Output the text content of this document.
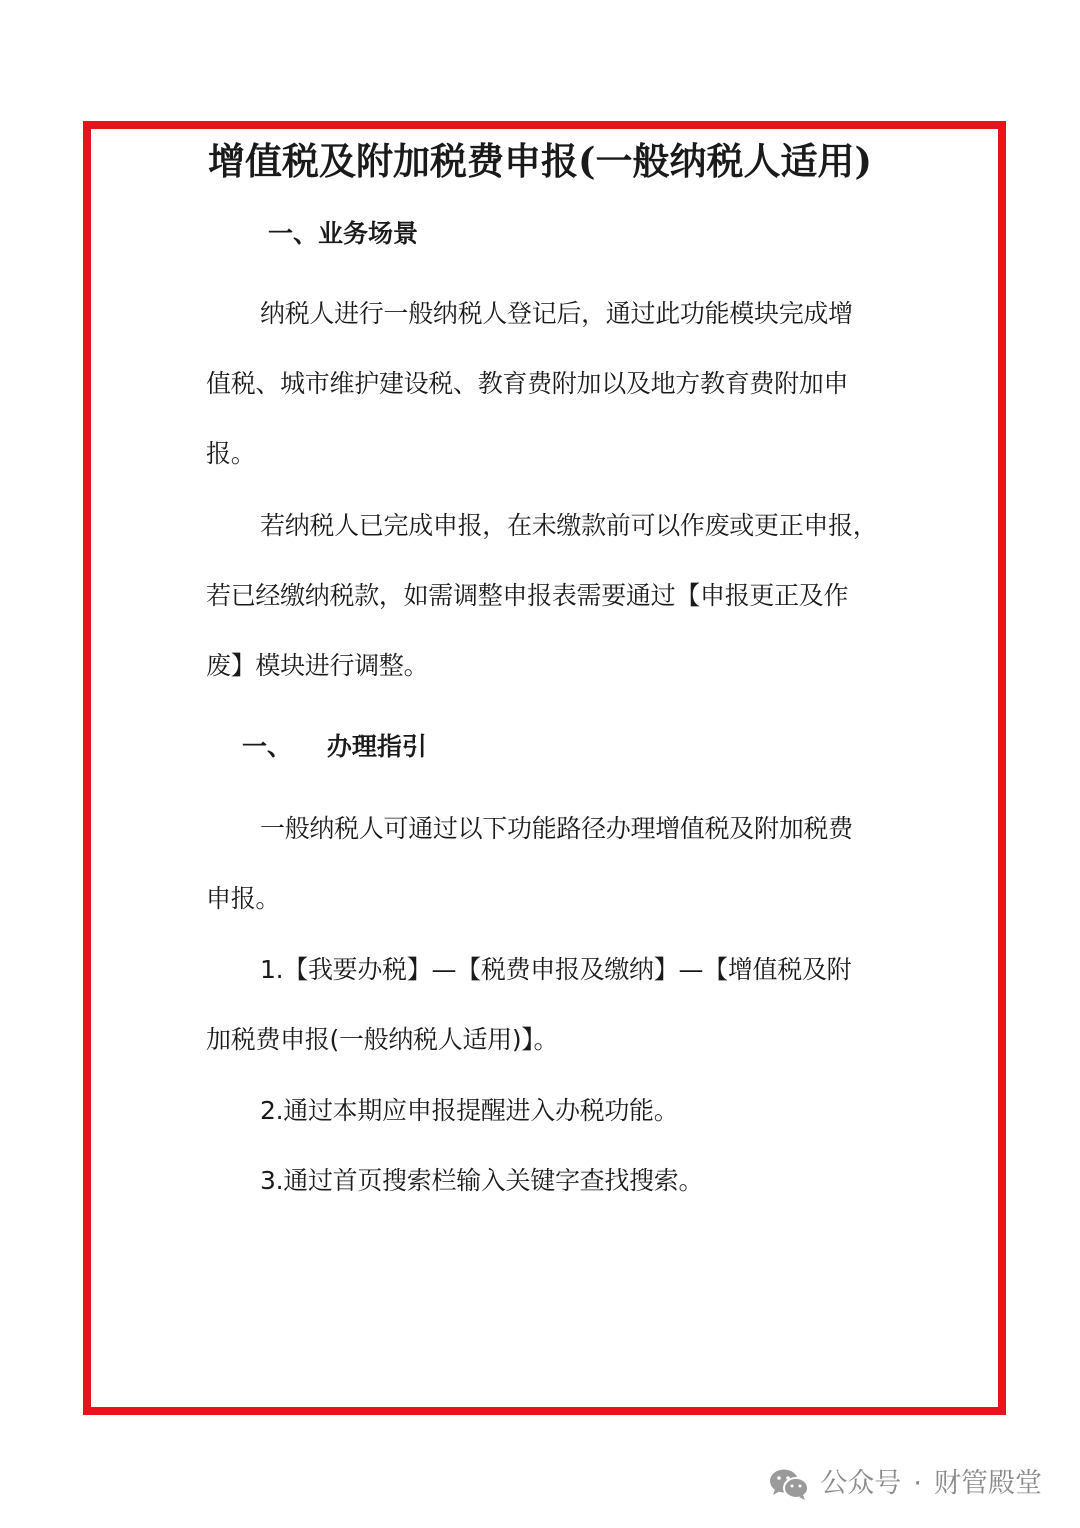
增值税及附加税费申报(一般纳税人适用)
一、业务场景

纳税人进行一般纳税人登记后，通过此功能模块完成增

值税、城市维护建设税、教育费附加以及地方教育费附加申

报。

若纳税人已完成申报，在未缴款前可以作废或更正申报，

若已经缴纳税款，如需调整申报表需要通过【申报更正及作

废】模块进行调整。

一、    办理指引

一般纳税人可通过以下功能路径办理增值税及附加税费

申报。

1.【我要办税】—【税费申报及缴纳】—【增值税及附

加税费申报(一般纳税人适用)】。

2.通过本期应申报提醒进入办税功能。

3.通过首页搜索栏输入关键字查找搜索。

公众号 · 财管殿堂
